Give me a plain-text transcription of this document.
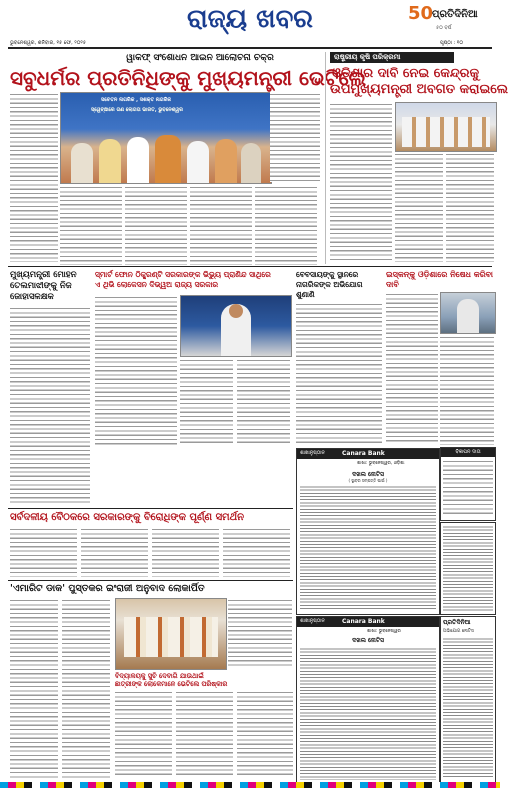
ରାଜ୍ୟ ଖବର	50
ପ୍ରତିଦିନିଆ
୫୦ ବର୍ଷ
ଭୁବନେଶ୍ୱର, ଶନିବାର, ୧୫ ଫେ, ୨୦୨୫	ପୃଷ୍ଠା : ୧୦
ୱାକଫ୍ ସଂଶୋଧନ ଆଇନ ଆଲୋଚନା ଚକ୍ର
ସବୁଧର୍ମର ପ୍ରତିନିଧିଙ୍କୁ ମୁଖ୍ୟମନ୍ତ୍ରୀ ଭେଟିଲେ
ସଚେତନ ନାଗରିକ , ସଶକ୍ତ ନାଗରିକ
ସ୍ୱେଚ୍ଛାରେ ଗଣ ଲୋଗତା ଭାରତ, ଭୁବନେଶ୍ୱର
ରାଷ୍ଟ୍ରୀୟ କୃଷି ପରିକ୍ରମା
ଓଡ଼ିଶାର ଦାବି ନେଇ କେନ୍ଦ୍ରକୁ
ଉପମୁଖ୍ୟମନ୍ତ୍ରୀ ଅବଗତ କରାଇଲେ
ମୁଖ୍ୟମନ୍ତ୍ରୀ ମୋହନ
ତେଲମାଝୀଙ୍କୁ ନିଜ
ଜୋହାସଳକ୍ଷକ
ସ୍ମାର୍ଟ ଫୋନ ଠିକ୍ପ୍ରଣ୍ଟି ସରକାରଙ୍କ ଭିଭ୍ୟୁ ପ୍ରାଣିନ୍ଦ ସାଥିରେ
ଏ ଥିଭି ଲୋକେସନ ଦିଭ୍ୱଅ ରାଜ୍ୟ ସରକାର
ବେବସାୟଙ୍କୁ ସ୍ଥାନରେ
ନାଗରିକଙ୍କ ଅଭିଯୋଗ
ଶୁଣାଣି
ଇସ୍କନ୍କୁ ଓଡ଼ିଶାରେ ନିଷେଧ କରିବା ଦାବି
ସର୍ବଦଳୀୟ ବୈଠକରେ ସରକାରଙ୍କୁ ବିରୋଧିଙ୍କ ପୂର୍ଣ୍ଣ ସମର୍ଥନ
'ଏମାରିଟ ଡାକ' ପୁସ୍ତକର ଇଂରାଜୀ ଅନୁବାଦ ଲୋକାର୍ପିତ
ବିଦ୍ୟାଳୟକୁ ସୁଚି ଦେବାଗି ଯାଉଥାଇଁ
ଛାତ୍ରୀଙ୍କ ଲୋକେମାନେ ଭେଟିଲେ ପରିଷ୍କାର
ବିଜ୍ଞାପନ ଦାତା
ଶାଖାନୁଷ୍ଠାନ	Canara Bank
ଶାଖା: ଭୁବନେଶ୍ୱର, ଓଡ଼ିଶା
ଦଖଲ ନୋଟିସ
( ସ୍ଥାବର ସମ୍ପତ୍ତି ପାଇଁ )
ଶାଖାନୁଷ୍ଠାନ	Canara Bank
ଶାଖା: ଭୁବନେଶ୍ୱର
ଦଖଲ ନୋଟିସ
ପ୍ରତିଦିନିଆ
ଅଭିଯୋଗ ନୋଟିସ
